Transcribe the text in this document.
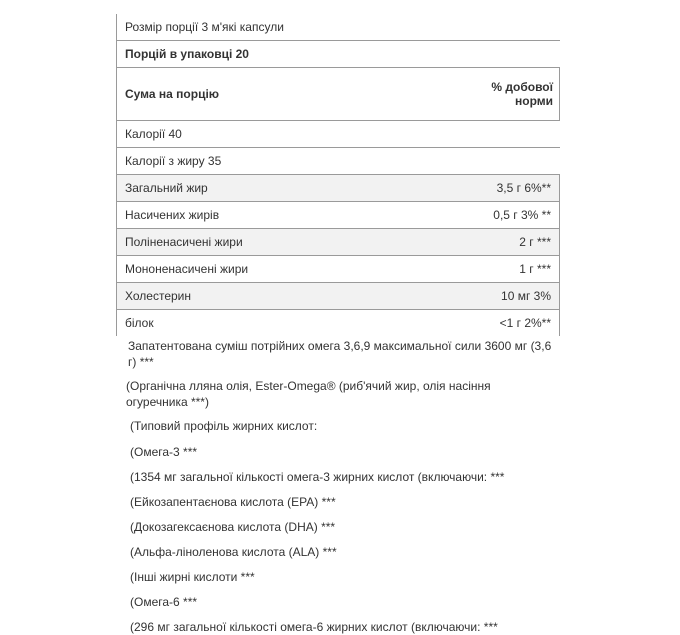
Розмір порції 3 м'які капсули	
Порцій в упаковці 20	
Сума на порцію	% добової норми
Калорії 40	
Калорії з жиру 35	
Загальний жир	3,5 г 6%**
Насичених жирів	0,5 г 3% **
Поліненасичені жири	2 г ***
Мононенасичені жири	1 г ***
Холестерин	10 мг 3%
білок	<1 г 2%**
Запатентована суміш потрійних омега 3,6,9 максимальної сили 3600 мг (3,6 г) ***
(Органічна лляна олія, Ester-Omega® (риб'ячий жир, олія насіння огуречника ***)
(Типовий профіль жирних кислот:
(Омега-3 ***
(1354 мг загальної кількості омега-3 жирних кислот (включаючи: ***
(Ейкозапентаєнова кислота (EPA) ***
(Докозагексаєнова кислота (DHA) ***
(Альфа-ліноленова кислота (ALA) ***
(Інші жирні кислоти ***
(Омега-6 ***
(296 мг загальної кількості омега-6 жирних кислот (включаючи: ***
